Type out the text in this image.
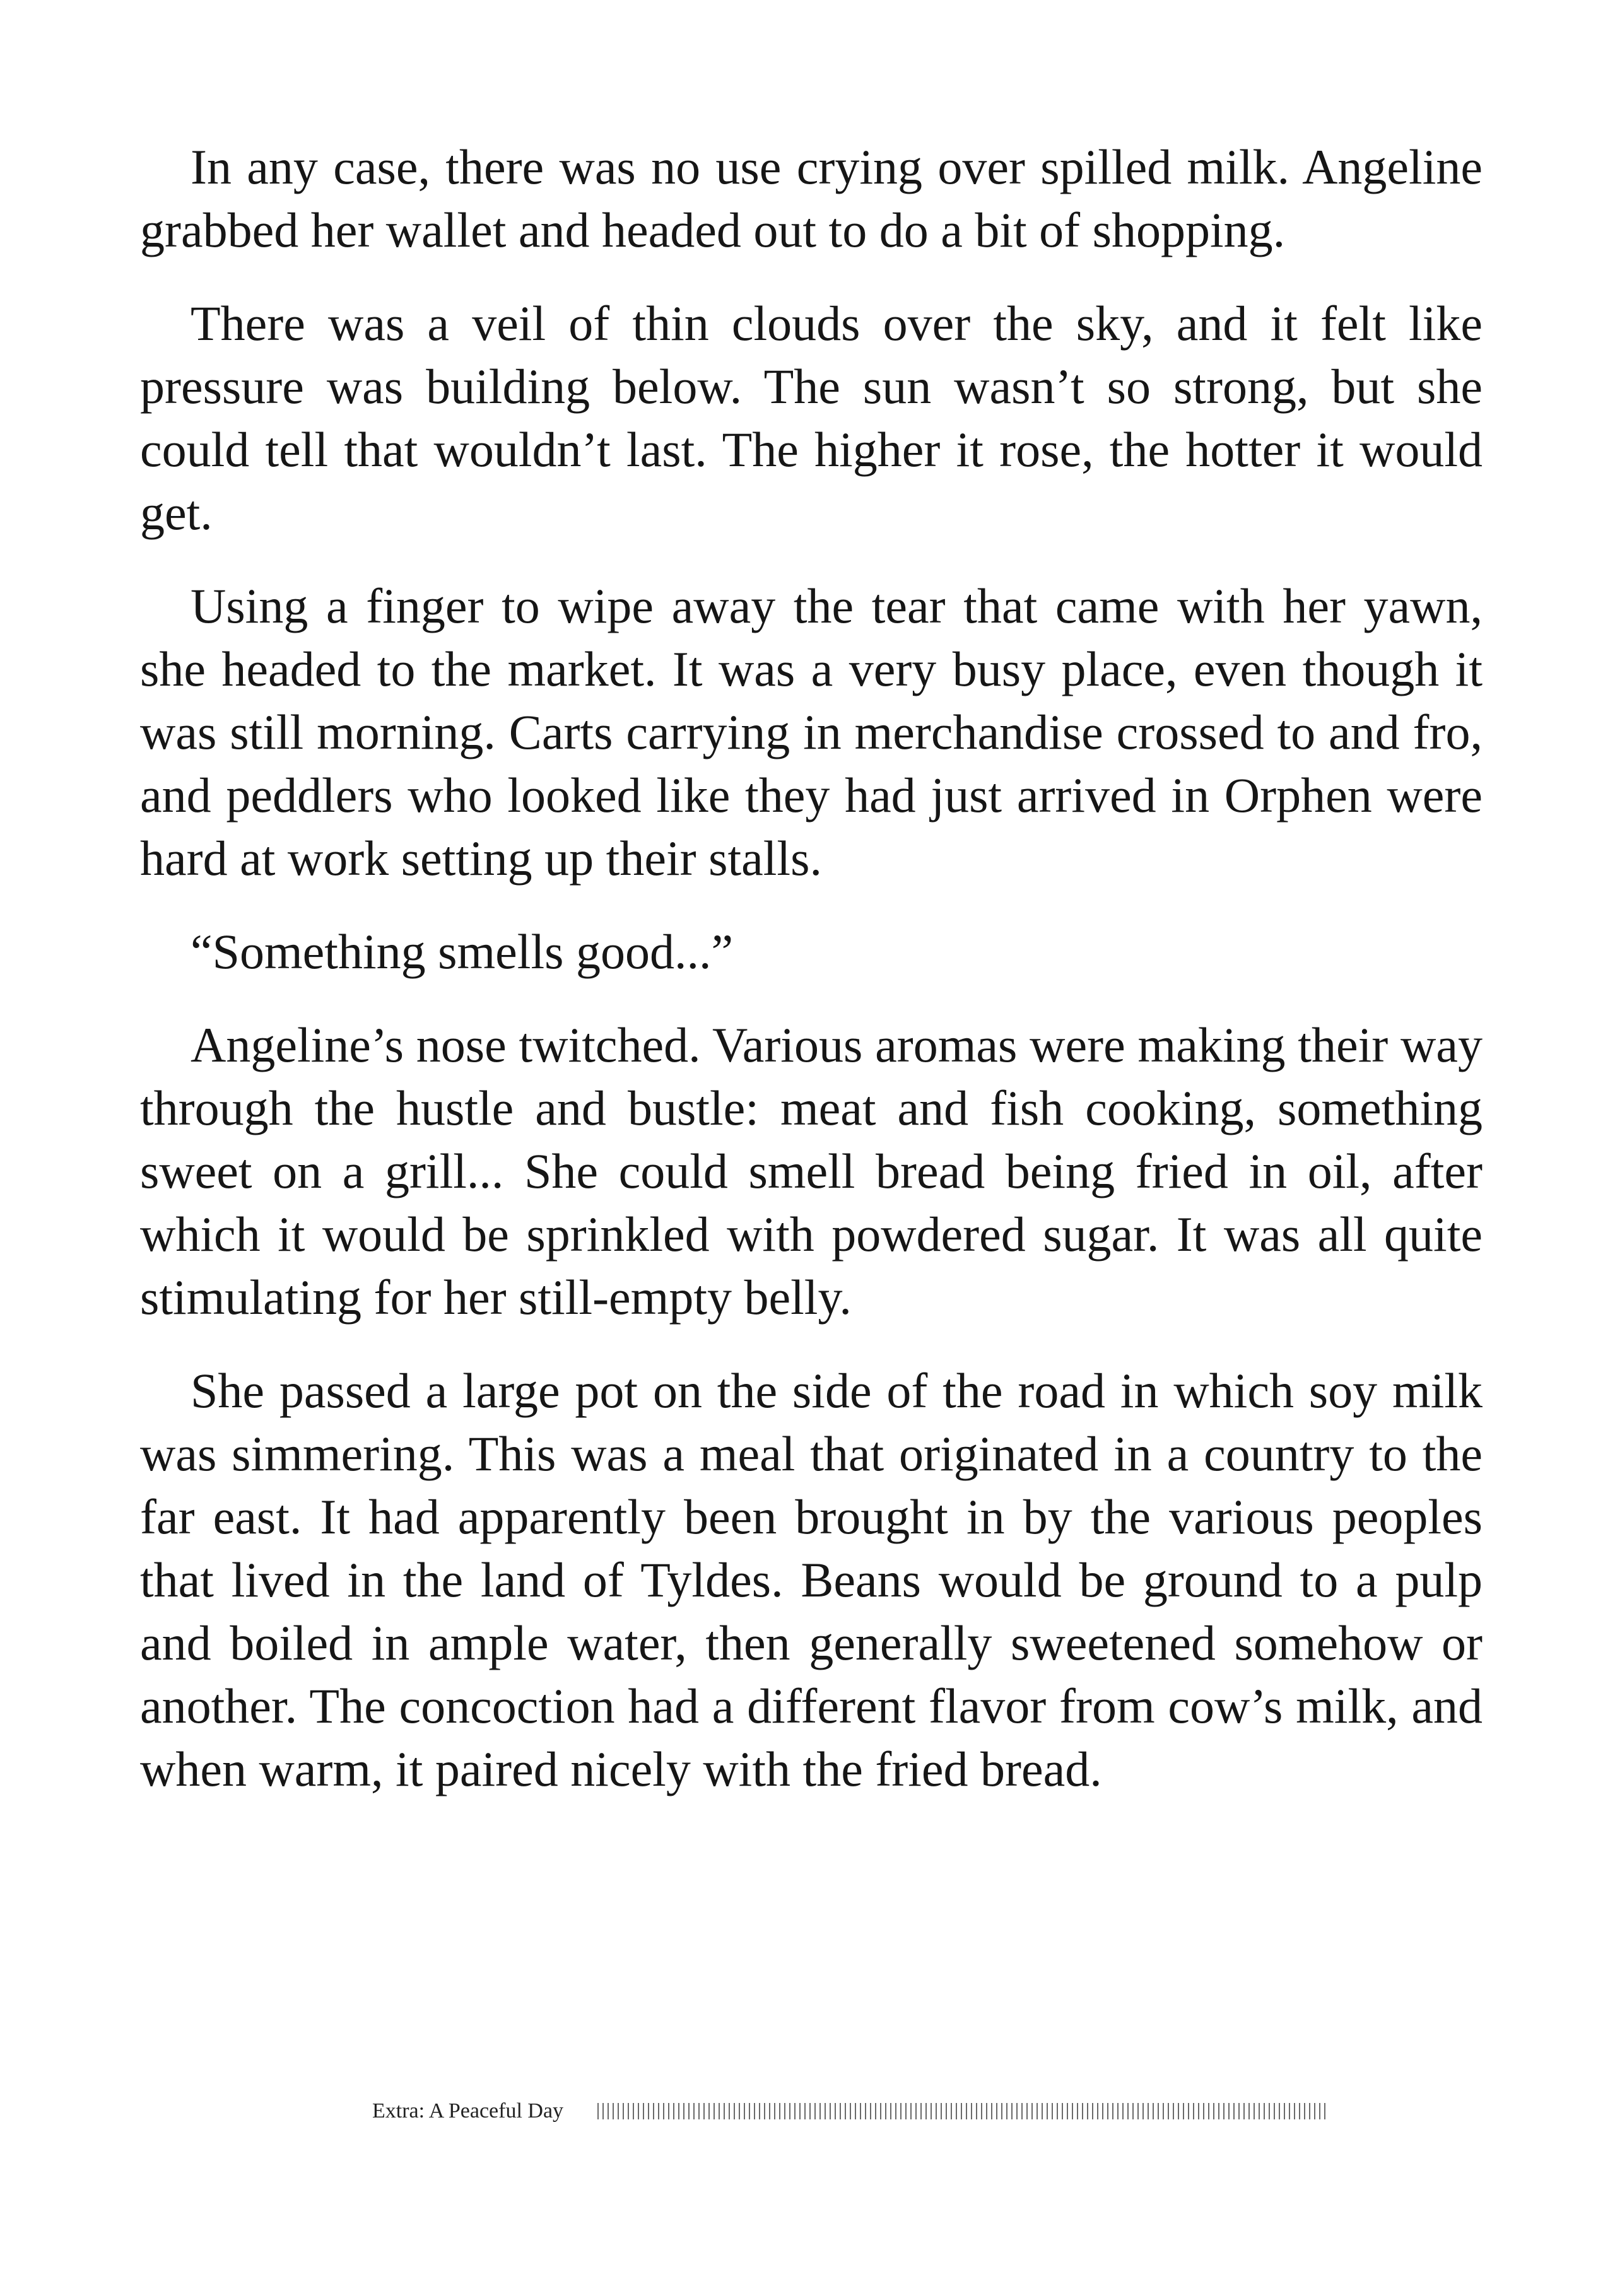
In any case, there was no use crying over spilled milk. Angeline grabbed her wallet and headed out to do a bit of shopping.

There was a veil of thin clouds over the sky, and it felt like pressure was building below. The sun wasn’t so strong, but she could tell that wouldn’t last. The higher it rose, the hotter it would get.

Using a finger to wipe away the tear that came with her yawn, she headed to the market. It was a very busy place, even though it was still morning. Carts carrying in merchandise crossed to and fro, and peddlers who looked like they had just arrived in Orphen were hard at work setting up their stalls.

“Something smells good...”

Angeline’s nose twitched. Various aromas were making their way through the hustle and bustle: meat and fish cooking, something sweet on a grill... She could smell bread being fried in oil, after which it would be sprinkled with powdered sugar. It was all quite stimulating for her still-empty belly.

She passed a large pot on the side of the road in which soy milk was simmering. This was a meal that originated in a country to the far east. It had apparently been brought in by the various peoples that lived in the land of Tyldes. Beans would be ground to a pulp and boiled in ample water, then generally sweetened somehow or another. The concoction had a different flavor from cow’s milk, and when warm, it paired nicely with the fried bread.

Extra: A Peaceful Day
